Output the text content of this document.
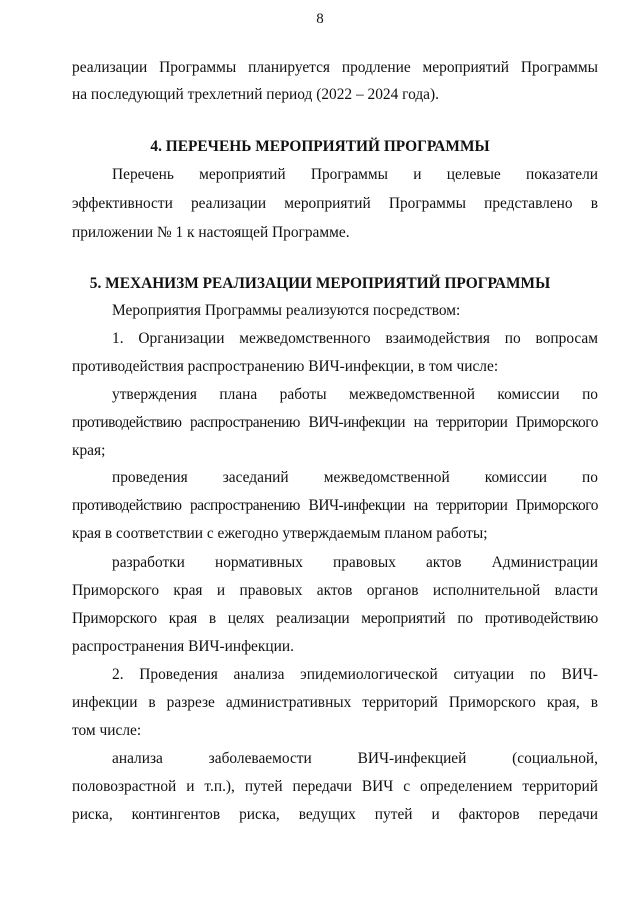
8
реализации Программы планируется продление мероприятий Программы
на последующий трехлетний период (2022 – 2024 года).
4. ПЕРЕЧЕНЬ МЕРОПРИЯТИЙ ПРОГРАММЫ
Перечень мероприятий Программы и целевые показатели
эффективности реализации мероприятий Программы представлено в
приложении № 1 к настоящей Программе.
5. МЕХАНИЗМ РЕАЛИЗАЦИИ МЕРОПРИЯТИЙ ПРОГРАММЫ
Мероприятия Программы реализуются посредством:
1. Организации межведомственного взаимодействия по вопросам
противодействия распространению ВИЧ-инфекции, в том числе:
утверждения плана работы межведомственной комиссии по
противодействию распространению ВИЧ-инфекции на территории Приморского
края;
проведения заседаний межведомственной комиссии по
противодействию распространению ВИЧ-инфекции на территории Приморского
края в соответствии с ежегодно утверждаемым планом работы;
разработки нормативных правовых актов Администрации
Приморского края и правовых актов органов исполнительной власти
Приморского края в целях реализации мероприятий по противодействию
распространения ВИЧ-инфекции.
2. Проведения анализа эпидемиологической ситуации по ВИЧ-
инфекции в разрезе административных территорий Приморского края, в
том числе:
анализа заболеваемости ВИЧ-инфекцией (социальной,
половозрастной и т.п.), путей передачи ВИЧ с определением территорий
риска, контингентов риска, ведущих путей и факторов передачи
